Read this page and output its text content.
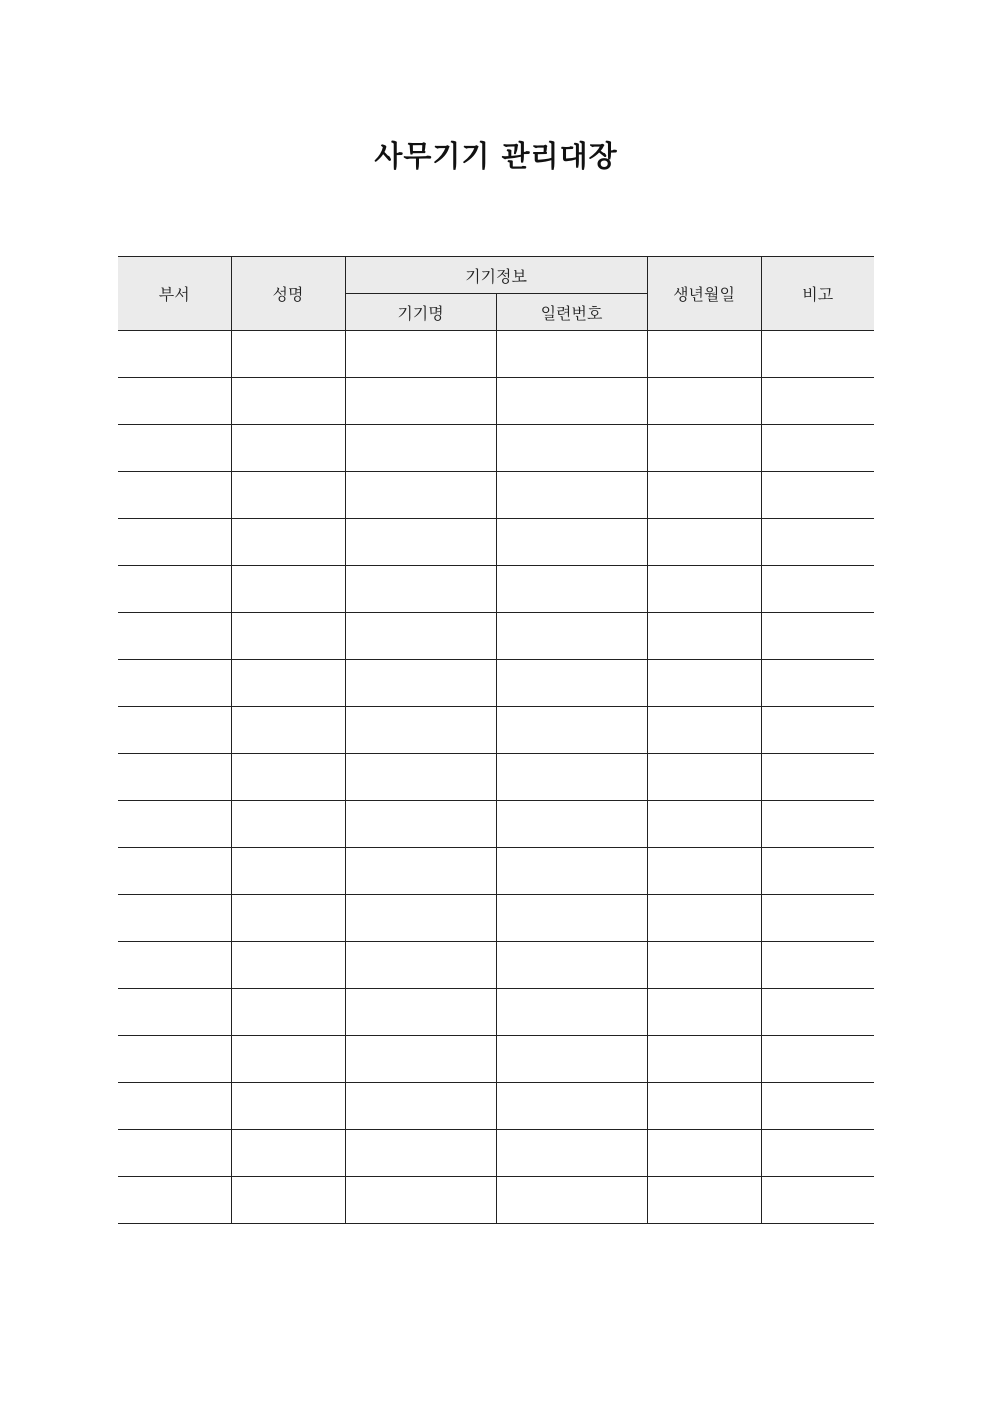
사무기기 관리대장
부서	성명	기기정보		생년월일	비고
		기기명	일련번호		
